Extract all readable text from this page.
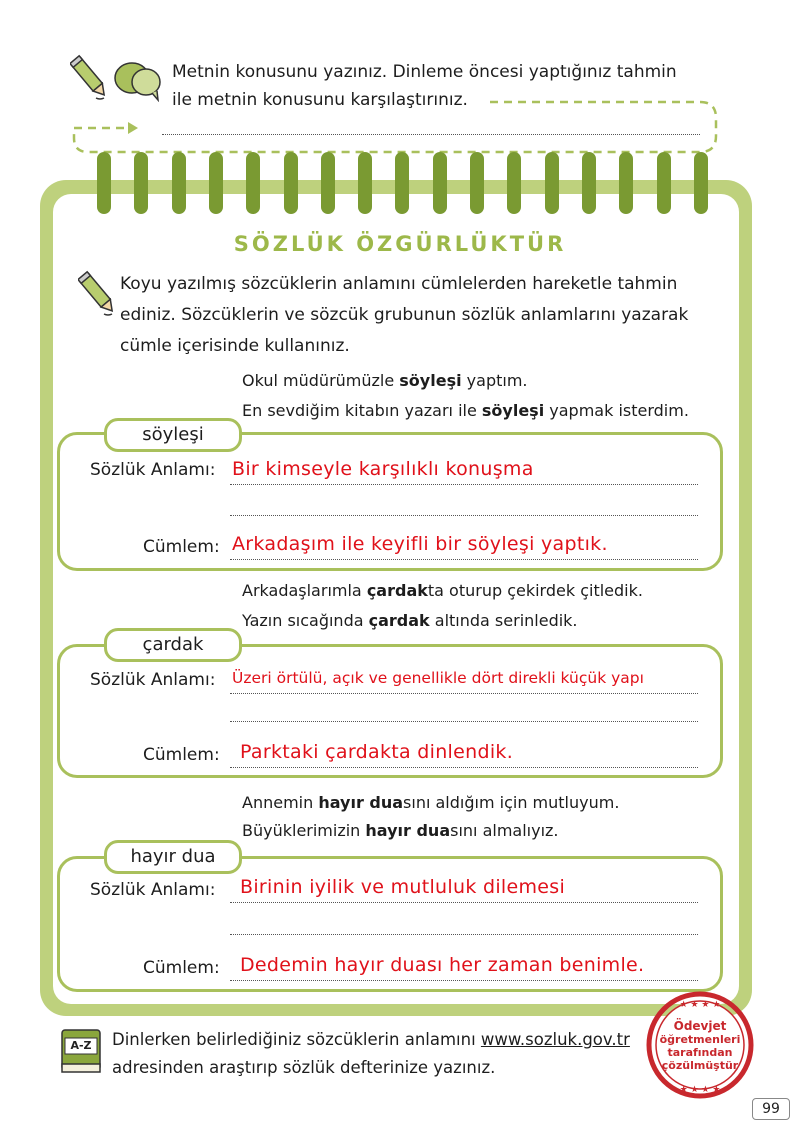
Metnin konusunu yazınız. Dinleme öncesi yaptığınız tahmin
ile metnin konusunu karşılaştırınız.
SÖZLÜK ÖZGÜRLÜKTÜR
Koyu yazılmış sözcüklerin anlamını cümlelerden hareketle tahmin
ediniz. Sözcüklerin ve sözcük grubunun sözlük anlamlarını yazarak
cümle içerisinde kullanınız.
Okul müdürümüzle söyleşi yaptım.
En sevdiğim kitabın yazarı ile söyleşi yapmak isterdim.
söyleşi
Sözlük Anlamı: Bir kimseyle karşılıklı konuşma
Cümlem: Arkadaşım ile keyifli bir söyleşi yaptık.
Arkadaşlarımla çardakta oturup çekirdek çitledik.
Yazın sıcağında çardak altında serinledik.
çardak
Sözlük Anlamı: Üzeri örtülü, açık ve genellikle dört direkli küçük yapı
Cümlem: Parktaki çardakta dinlendik.
Annemin hayır duasını aldığım için mutluyum.
Büyüklerimizin hayır duasını almalıyız.
hayır dua
Sözlük Anlamı: Birinin iyilik ve mutluluk dilemesi
Cümlem: Dedemin hayır duası her zaman benimle.
A-Z	Dinlerken belirlediğiniz sözcüklerin anlamını www.sozluk.gov.tr
adresinden araştırıp sözlük defterinize yazınız.
★ ★ ★ ★
★ ★ ★ ★
Ödevjet
öğretmenleri
tarafından
çözülmüştür
99
